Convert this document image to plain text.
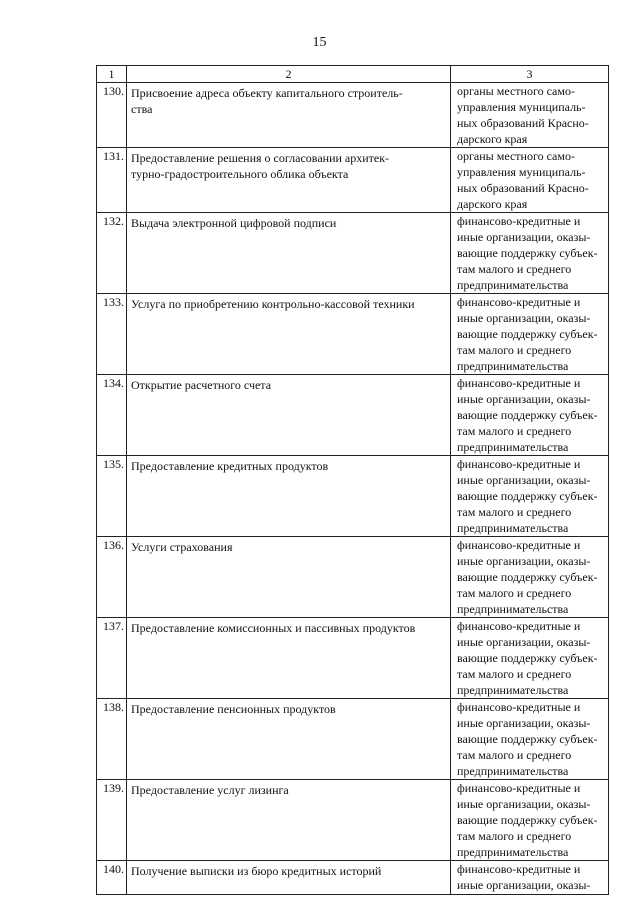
15
1	2	3
130.	Присвоение адреса объекту капитального строитель-
ства	органы местного само-
управления муниципаль-
ных образований Красно-
дарского края
131.	Предоставление решения о согласовании архитек-
турно-градостроительного облика объекта	органы местного само-
управления муниципаль-
ных образований Красно-
дарского края
132.	Выдача электронной цифровой подписи	финансово-кредитные и
иные организации, оказы-
вающие поддержку субъек-
там малого и среднего
предпринимательства
133.	Услуга по приобретению контрольно-кассовой техники	финансово-кредитные и
иные организации, оказы-
вающие поддержку субъек-
там малого и среднего
предпринимательства
134.	Открытие расчетного счета	финансово-кредитные и
иные организации, оказы-
вающие поддержку субъек-
там малого и среднего
предпринимательства
135.	Предоставление кредитных продуктов	финансово-кредитные и
иные организации, оказы-
вающие поддержку субъек-
там малого и среднего
предпринимательства
136.	Услуги страхования	финансово-кредитные и
иные организации, оказы-
вающие поддержку субъек-
там малого и среднего
предпринимательства
137.	Предоставление комиссионных и пассивных продуктов	финансово-кредитные и
иные организации, оказы-
вающие поддержку субъек-
там малого и среднего
предпринимательства
138.	Предоставление пенсионных продуктов	финансово-кредитные и
иные организации, оказы-
вающие поддержку субъек-
там малого и среднего
предпринимательства
139.	Предоставление услуг лизинга	финансово-кредитные и
иные организации, оказы-
вающие поддержку субъек-
там малого и среднего
предпринимательства
140.	Получение выписки из бюро кредитных историй	финансово-кредитные и
иные организации, оказы-
